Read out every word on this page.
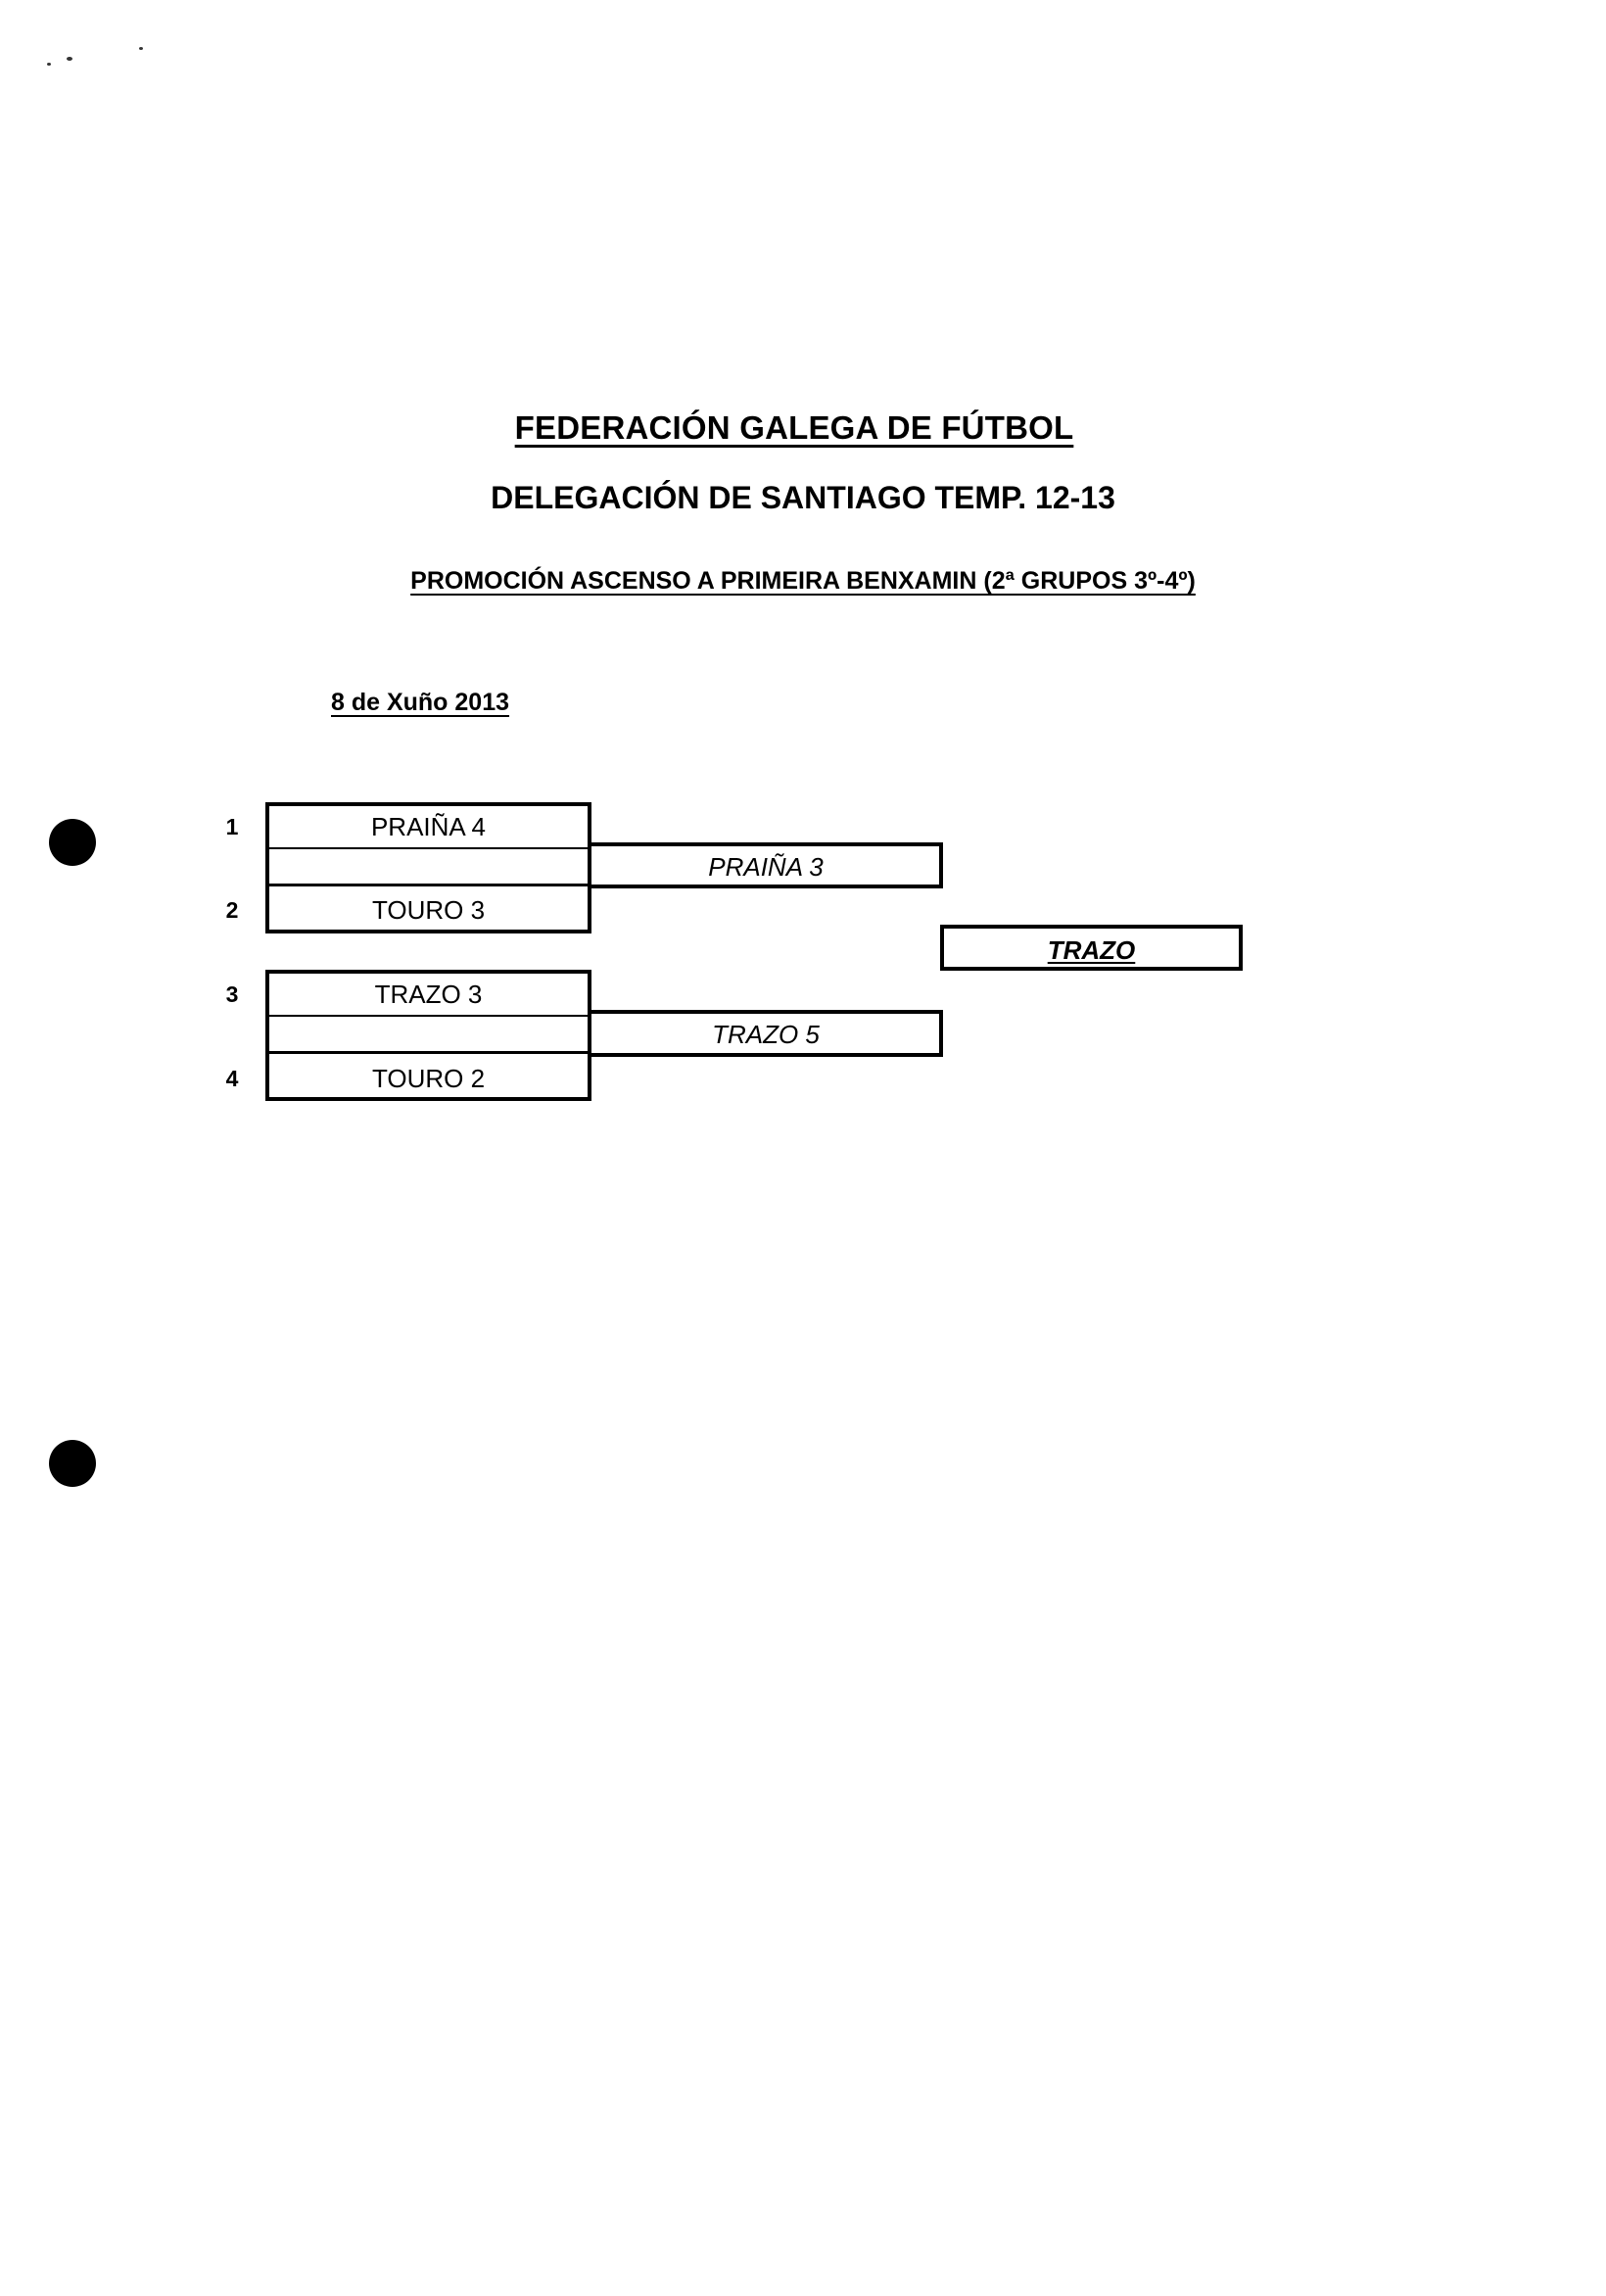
FEDERACIÓN GALEGA DE FÚTBOL
DELEGACIÓN DE SANTIAGO TEMP. 12-13
PROMOCIÓN ASCENSO A PRIMEIRA BENXAMIN (2ª GRUPOS 3º-4º)
8 de Xuño 2013
1
2
3
4
PRAIÑA 4
TOURO 3
TRAZO 3
TOURO 2
PRAIÑA 3
TRAZO 5
TRAZO
